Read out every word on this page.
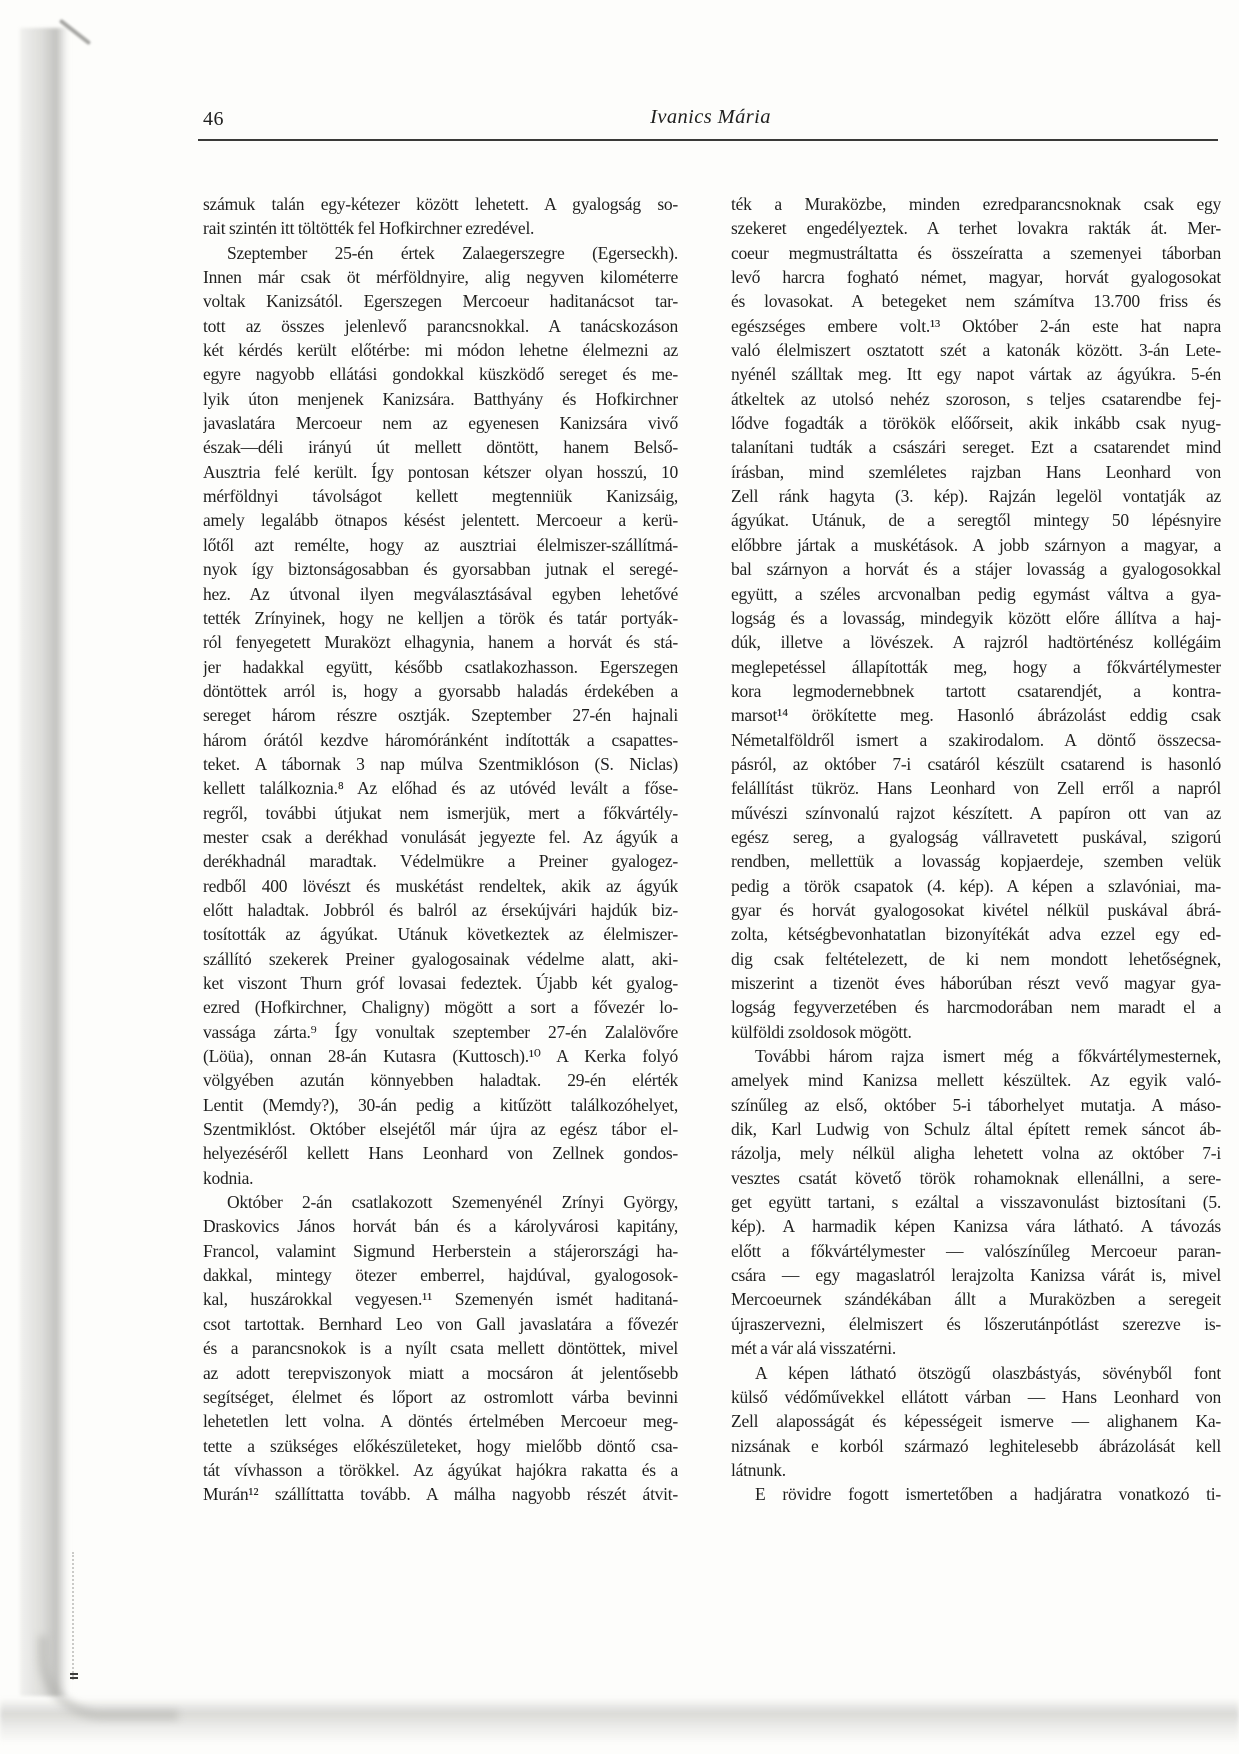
46	Ivanics Mária
számuk talán egy-kétezer között lehetett. A gyalogság so-
rait szintén itt töltötték fel Hofkirchner ezredével.
Szeptember 25-én értek Zalaegerszegre (Egerseckh).
Innen már csak öt mérföldnyire, alig negyven kilométerre
voltak Kanizsától. Egerszegen Mercoeur haditanácsot tar-
tott az összes jelenlevő parancsnokkal. A tanácskozáson
két kérdés került előtérbe: mi módon lehetne élelmezni az
egyre nagyobb ellátási gondokkal küszködő sereget és me-
lyik úton menjenek Kanizsára. Batthyány és Hofkirchner
javaslatára Mercoeur nem az egyenesen Kanizsára vivő
észak—déli irányú út mellett döntött, hanem Belső-
Ausztria felé került. Így pontosan kétszer olyan hosszú, 10
mérföldnyi távolságot kellett megtenniük Kanizsáig,
amely legalább ötnapos késést jelentett. Mercoeur a kerü-
lőtől azt remélte, hogy az ausztriai élelmiszer-szállítmá-
nyok így biztonságosabban és gyorsabban jutnak el seregé-
hez. Az útvonal ilyen megválasztásával egyben lehetővé
tették Zrínyinek, hogy ne kelljen a török és tatár portyák-
ról fenyegetett Muraközt elhagynia, hanem a horvát és stá-
jer hadakkal együtt, később csatlakozhasson. Egerszegen
döntöttek arról is, hogy a gyorsabb haladás érdekében a
sereget három részre osztják. Szeptember 27-én hajnali
három órától kezdve háromóránként indították a csapattes-
teket. A tábornak 3 nap múlva Szentmiklóson (S. Niclas)
kellett találkoznia.⁸ Az előhad és az utóvéd levált a főse-
regről, további útjukat nem ismerjük, mert a főkvártély-
mester csak a derékhad vonulását jegyezte fel. Az ágyúk a
derékhadnál maradtak. Védelmükre a Preiner gyalogez-
redből 400 lövészt és muskétást rendeltek, akik az ágyúk
előtt haladtak. Jobbról és balról az érsekújvári hajdúk biz-
tosították az ágyúkat. Utánuk következtek az élelmiszer-
szállító szekerek Preiner gyalogosainak védelme alatt, aki-
ket viszont Thurn gróf lovasai fedeztek. Újabb két gyalog-
ezred (Hofkirchner, Chaligny) mögött a sort a fővezér lo-
vassága zárta.⁹ Így vonultak szeptember 27-én Zalalövőre
(Löüa), onnan 28-án Kutasra (Kuttosch).¹⁰ A Kerka folyó
völgyében azután könnyebben haladtak. 29-én elérték
Lentit (Memdy?), 30-án pedig a kitűzött találkozóhelyet,
Szentmiklóst. Október elsejétől már újra az egész tábor el-
helyezéséről kellett Hans Leonhard von Zellnek gondos-
kodnia.
Október 2-án csatlakozott Szemenyénél Zrínyi György,
Draskovics János horvát bán és a károlyvárosi kapitány,
Francol, valamint Sigmund Herberstein a stájerországi ha-
dakkal, mintegy ötezer emberrel, hajdúval, gyalogosok-
kal, huszárokkal vegyesen.¹¹ Szemenyén ismét haditaná-
csot tartottak. Bernhard Leo von Gall javaslatára a fővezér
és a parancsnokok is a nyílt csata mellett döntöttek, mivel
az adott terepviszonyok miatt a mocsáron át jelentősebb
segítséget, élelmet és lőport az ostromlott várba bevinni
lehetetlen lett volna. A döntés értelmében Mercoeur meg-
tette a szükséges előkészületeket, hogy mielőbb döntő csa-
tát vívhasson a törökkel. Az ágyúkat hajókra rakatta és a
Murán¹² szállíttatta tovább. A málha nagyobb részét átvit-
ték a Muraközbe, minden ezredparancsnoknak csak egy
szekeret engedélyeztek. A terhet lovakra rakták át. Mer-
coeur megmustráltatta és összeíratta a szemenyei táborban
levő harcra fogható német, magyar, horvát gyalogosokat
és lovasokat. A betegeket nem számítva 13.700 friss és
egészséges embere volt.¹³ Október 2-án este hat napra
való élelmiszert osztatott szét a katonák között. 3-án Lete-
nyénél szálltak meg. Itt egy napot vártak az ágyúkra. 5-én
átkeltek az utolsó nehéz szoroson, s teljes csatarendbe fej-
lődve fogadták a törökök előőrseit, akik inkább csak nyug-
talanítani tudták a császári sereget. Ezt a csatarendet mind
írásban, mind szemléletes rajzban Hans Leonhard von
Zell ránk hagyta (3. kép). Rajzán legelöl vontatják az
ágyúkat. Utánuk, de a seregtől mintegy 50 lépésnyire
előbbre jártak a muskétások. A jobb szárnyon a magyar, a
bal szárnyon a horvát és a stájer lovasság a gyalogosokkal
együtt, a széles arcvonalban pedig egymást váltva a gya-
logság és a lovasság, mindegyik között előre állítva a haj-
dúk, illetve a lövészek. A rajzról hadtörténész kollégáim
meglepetéssel állapították meg, hogy a főkvártélymester
kora legmodernebbnek tartott csatarendjét, a kontra-
marsot¹⁴ örökítette meg. Hasonló ábrázolást eddig csak
Németalföldről ismert a szakirodalom. A döntő összecsa-
pásról, az október 7-i csatáról készült csatarend is hasonló
felállítást tükröz. Hans Leonhard von Zell erről a napról
művészi színvonalú rajzot készített. A papíron ott van az
egész sereg, a gyalogság vállravetett puskával, szigorú
rendben, mellettük a lovasság kopjaerdeje, szemben velük
pedig a török csapatok (4. kép). A képen a szlavóniai, ma-
gyar és horvát gyalogosokat kivétel nélkül puskával ábrá-
zolta, kétségbevonhatatlan bizonyítékát adva ezzel egy ed-
dig csak feltételezett, de ki nem mondott lehetőségnek,
miszerint a tizenöt éves háborúban részt vevő magyar gya-
logság fegyverzetében és harcmodorában nem maradt el a
külföldi zsoldosok mögött.
További három rajza ismert még a főkvártélymesternek,
amelyek mind Kanizsa mellett készültek. Az egyik való-
színűleg az első, október 5-i táborhelyet mutatja. A máso-
dik, Karl Ludwig von Schulz által épített remek sáncot áb-
rázolja, mely nélkül aligha lehetett volna az október 7-i
vesztes csatát követő török rohamoknak ellenállni, a sere-
get együtt tartani, s ezáltal a visszavonulást biztosítani (5.
kép). A harmadik képen Kanizsa vára látható. A távozás
előtt a főkvártélymester — valószínűleg Mercoeur paran-
csára — egy magaslatról lerajzolta Kanizsa várát is, mivel
Mercoeurnek szándékában állt a Muraközben a seregeit
újraszervezni, élelmiszert és lőszerutánpótlást szerezve is-
mét a vár alá visszatérni.
A képen látható ötszögű olaszbástyás, sövényből font
külső védőművekkel ellátott várban — Hans Leonhard von
Zell alaposságát és képességeit ismerve — alighanem Ka-
nizsának e korból származó leghitelesebb ábrázolását kell
látnunk.
E rövidre fogott ismertetőben a hadjáratra vonatkozó ti-
